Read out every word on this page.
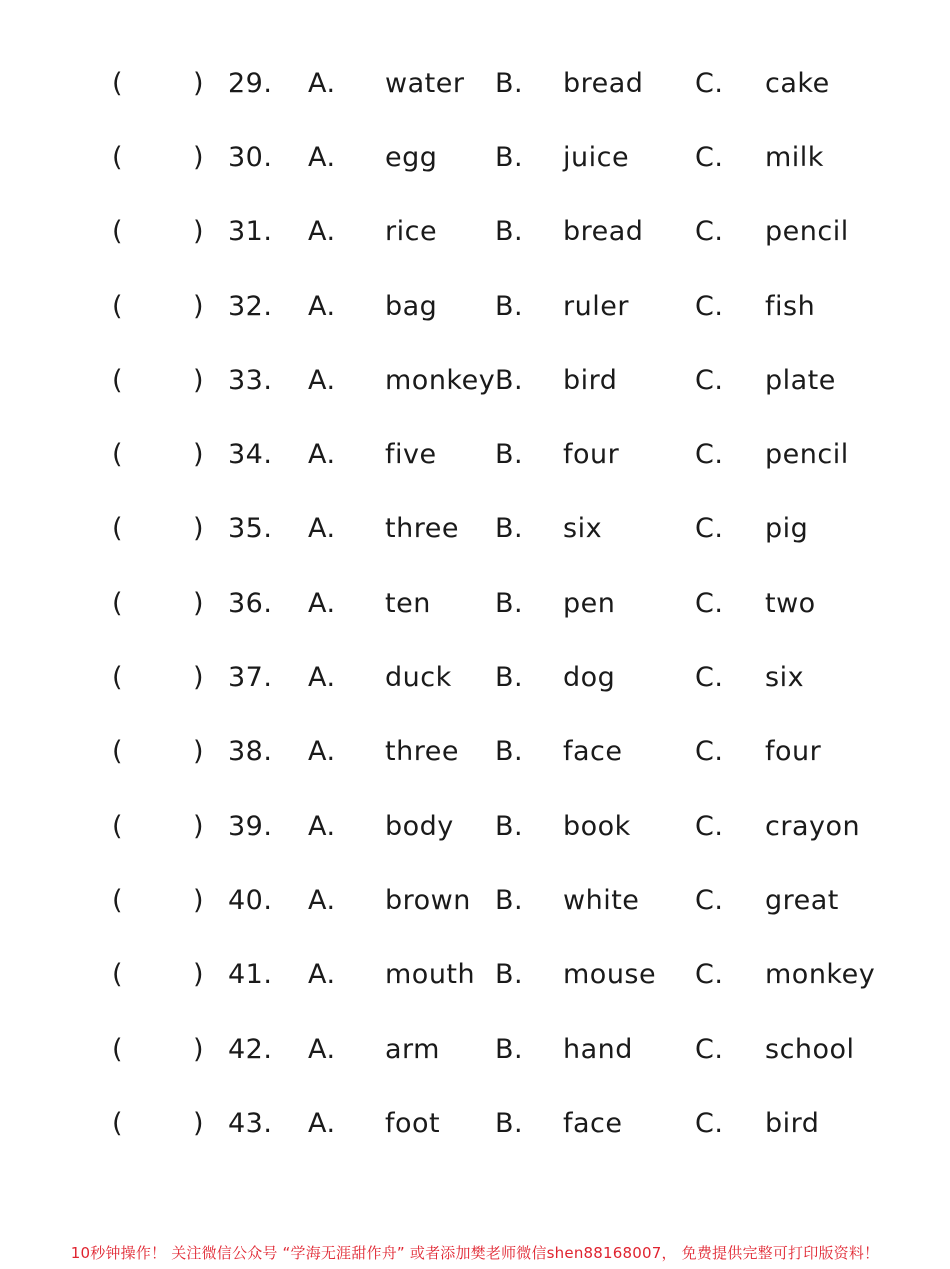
(	) 29.	A.	water	B.	bread	C.	cake
(	) 30.	A.	egg	B.	juice	C.	milk
(	) 31.	A.	rice	B.	bread	C.	pencil
(	) 32.	A.	bag	B.	ruler	C.	fish
(	) 33.	A.	monkey B.	bird	C.	plate
(	) 34.	A.	five	B.	four	C.	pencil
(	) 35.	A.	three	B.	six	C.	pig
(	) 36.	A.	ten	B.	pen	C.	two
(	) 37.	A.	duck	B.	dog	C.	six
(	) 38.	A.	three	B.	face	C.	four
(	) 39.	A.	body	B.	book	C.	crayon
(	) 40.	A.	brown B.	white	C.	great
(	) 41.	A.	mouth B.	mouse	C.	monkey
(	) 42.	A.	arm	B.	hand	C.	school
(	) 43.	A.	foot	B.	face	C.	bird
10秒钟操作！ 关注微信公众号 “学海无涯甜作舟” 或者添加樊老师微信shen88168007， 免费提供完整可打印版资料！
